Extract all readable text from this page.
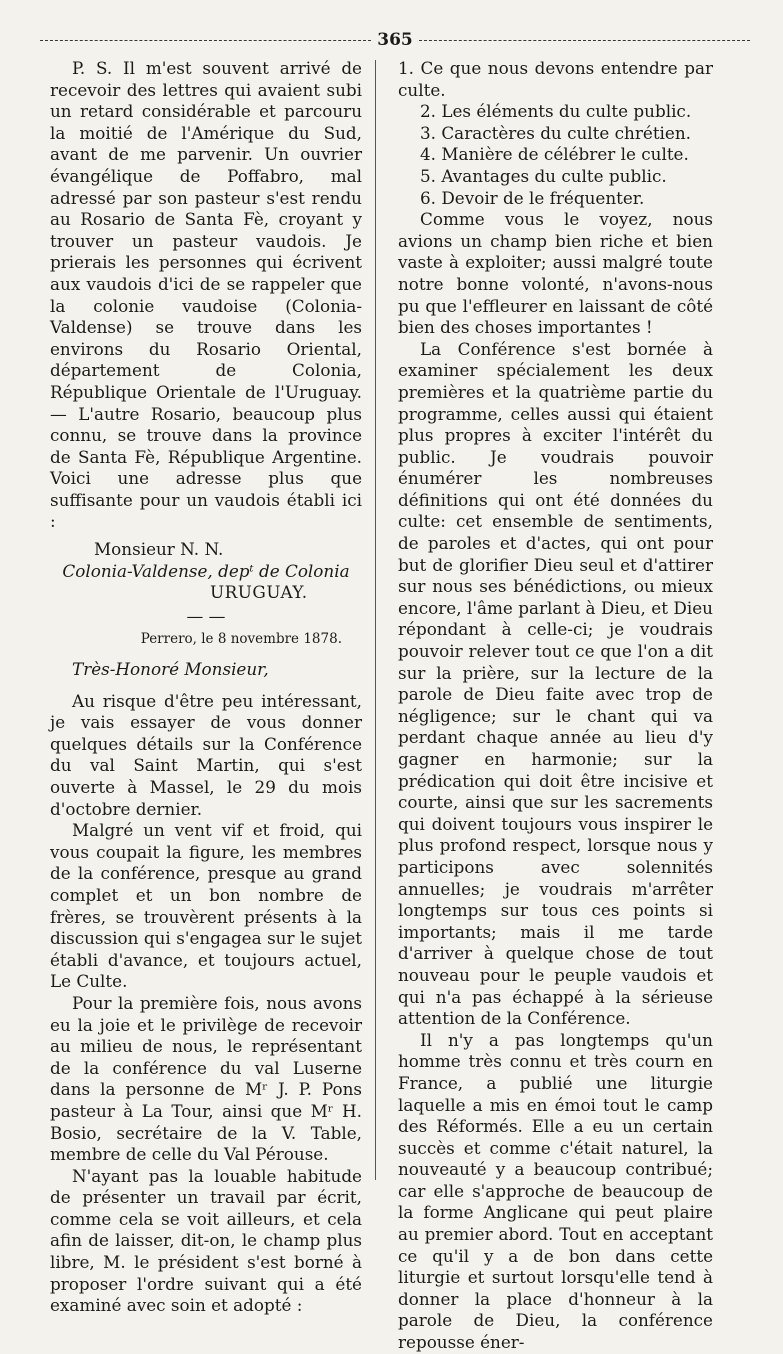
365

P. S. Il m'est souvent arrivé de recevoir des lettres qui avaient subi un retard considérable et parcouru la moitié de l'Amérique du Sud, avant de me parvenir. Un ouvrier évangélique de Poffabro, mal adressé par son pasteur s'est rendu au Rosario de Santa Fè, croyant y trouver un pasteur vaudois. Je prierais les personnes qui écrivent aux vaudois d'ici de se rappeler que la colonie vaudoise (Colonia-Valdense) se trouve dans les environs du Rosario Oriental, département de Colonia, République Orientale de l'Uruguay. — L'autre Rosario, beaucoup plus connu, se trouve dans la province de Santa Fè, République Argentine. Voici une adresse plus que suffisante pour un vaudois établi ici :

Monsieur N. N.

Colonia-Valdense, depᵗ de Colonia

URUGUAY.

— —

Perrero, le 8 novembre 1878.

Très-Honoré Monsieur,

Au risque d'être peu intéressant, je vais essayer de vous donner quelques détails sur la Conférence du val Saint Martin, qui s'est ouverte à Massel, le 29 du mois d'octobre dernier.

Malgré un vent vif et froid, qui vous coupait la figure, les membres de la conférence, presque au grand complet et un bon nombre de frères, se trouvèrent présents à la discussion qui s'engagea sur le sujet établi d'avance, et toujours actuel, Le Culte.

Pour la première fois, nous avons eu la joie et le privilège de recevoir au milieu de nous, le représentant de la conférence du val Luserne dans la personne de Mʳ J. P. Pons pasteur à La Tour, ainsi que Mʳ H. Bosio, secrétaire de la V. Table, membre de celle du Val Pérouse.

N'ayant pas la louable habitude de présenter un travail par écrit, comme cela se voit ailleurs, et cela afin de laisser, dit-on, le champ plus libre, M. le président s'est borné à proposer l'ordre suivant qui a été examiné avec soin et adopté :

1. Ce que nous devons entendre par culte.

2. Les éléments du culte public.

3. Caractères du culte chrétien.

4. Manière de célébrer le culte.

5. Avantages du culte public.

6. Devoir de le fréquenter.

Comme vous le voyez, nous avions un champ bien riche et bien vaste à exploiter; aussi malgré toute notre bonne volonté, n'avons-nous pu que l'effleurer en laissant de côté bien des choses importantes !

La Conférence s'est bornée à examiner spécialement les deux premières et la quatrième partie du programme, celles aussi qui étaient plus propres à exciter l'intérêt du public. Je voudrais pouvoir énumérer les nombreuses définitions qui ont été données du culte: cet ensemble de sentiments, de paroles et d'actes, qui ont pour but de glorifier Dieu seul et d'attirer sur nous ses bénédictions, ou mieux encore, l'âme parlant à Dieu, et Dieu répondant à celle-ci; je voudrais pouvoir relever tout ce que l'on a dit sur la prière, sur la lecture de la parole de Dieu faite avec trop de négligence; sur le chant qui va perdant chaque année au lieu d'y gagner en harmonie; sur la prédication qui doit être incisive et courte, ainsi que sur les sacrements qui doivent toujours vous inspirer le plus profond respect, lorsque nous y participons avec solennités annuelles; je voudrais m'arrêter longtemps sur tous ces points si importants; mais il me tarde d'arriver à quelque chose de tout nouveau pour le peuple vaudois et qui n'a pas échappé à la sérieuse attention de la Conférence.

Il n'y a pas longtemps qu'un homme très connu et très courn en France, a publié une liturgie laquelle a mis en émoi tout le camp des Réformés. Elle a eu un certain succès et comme c'était naturel, la nouveauté y a beaucoup contribué; car elle s'approche de beaucoup de la forme Anglicane qui peut plaire au premier abord. Tout en acceptant ce qu'il y a de bon dans cette liturgie et surtout lorsqu'elle tend à donner la place d'honneur à la parole de Dieu, la conférence repousse éner-
